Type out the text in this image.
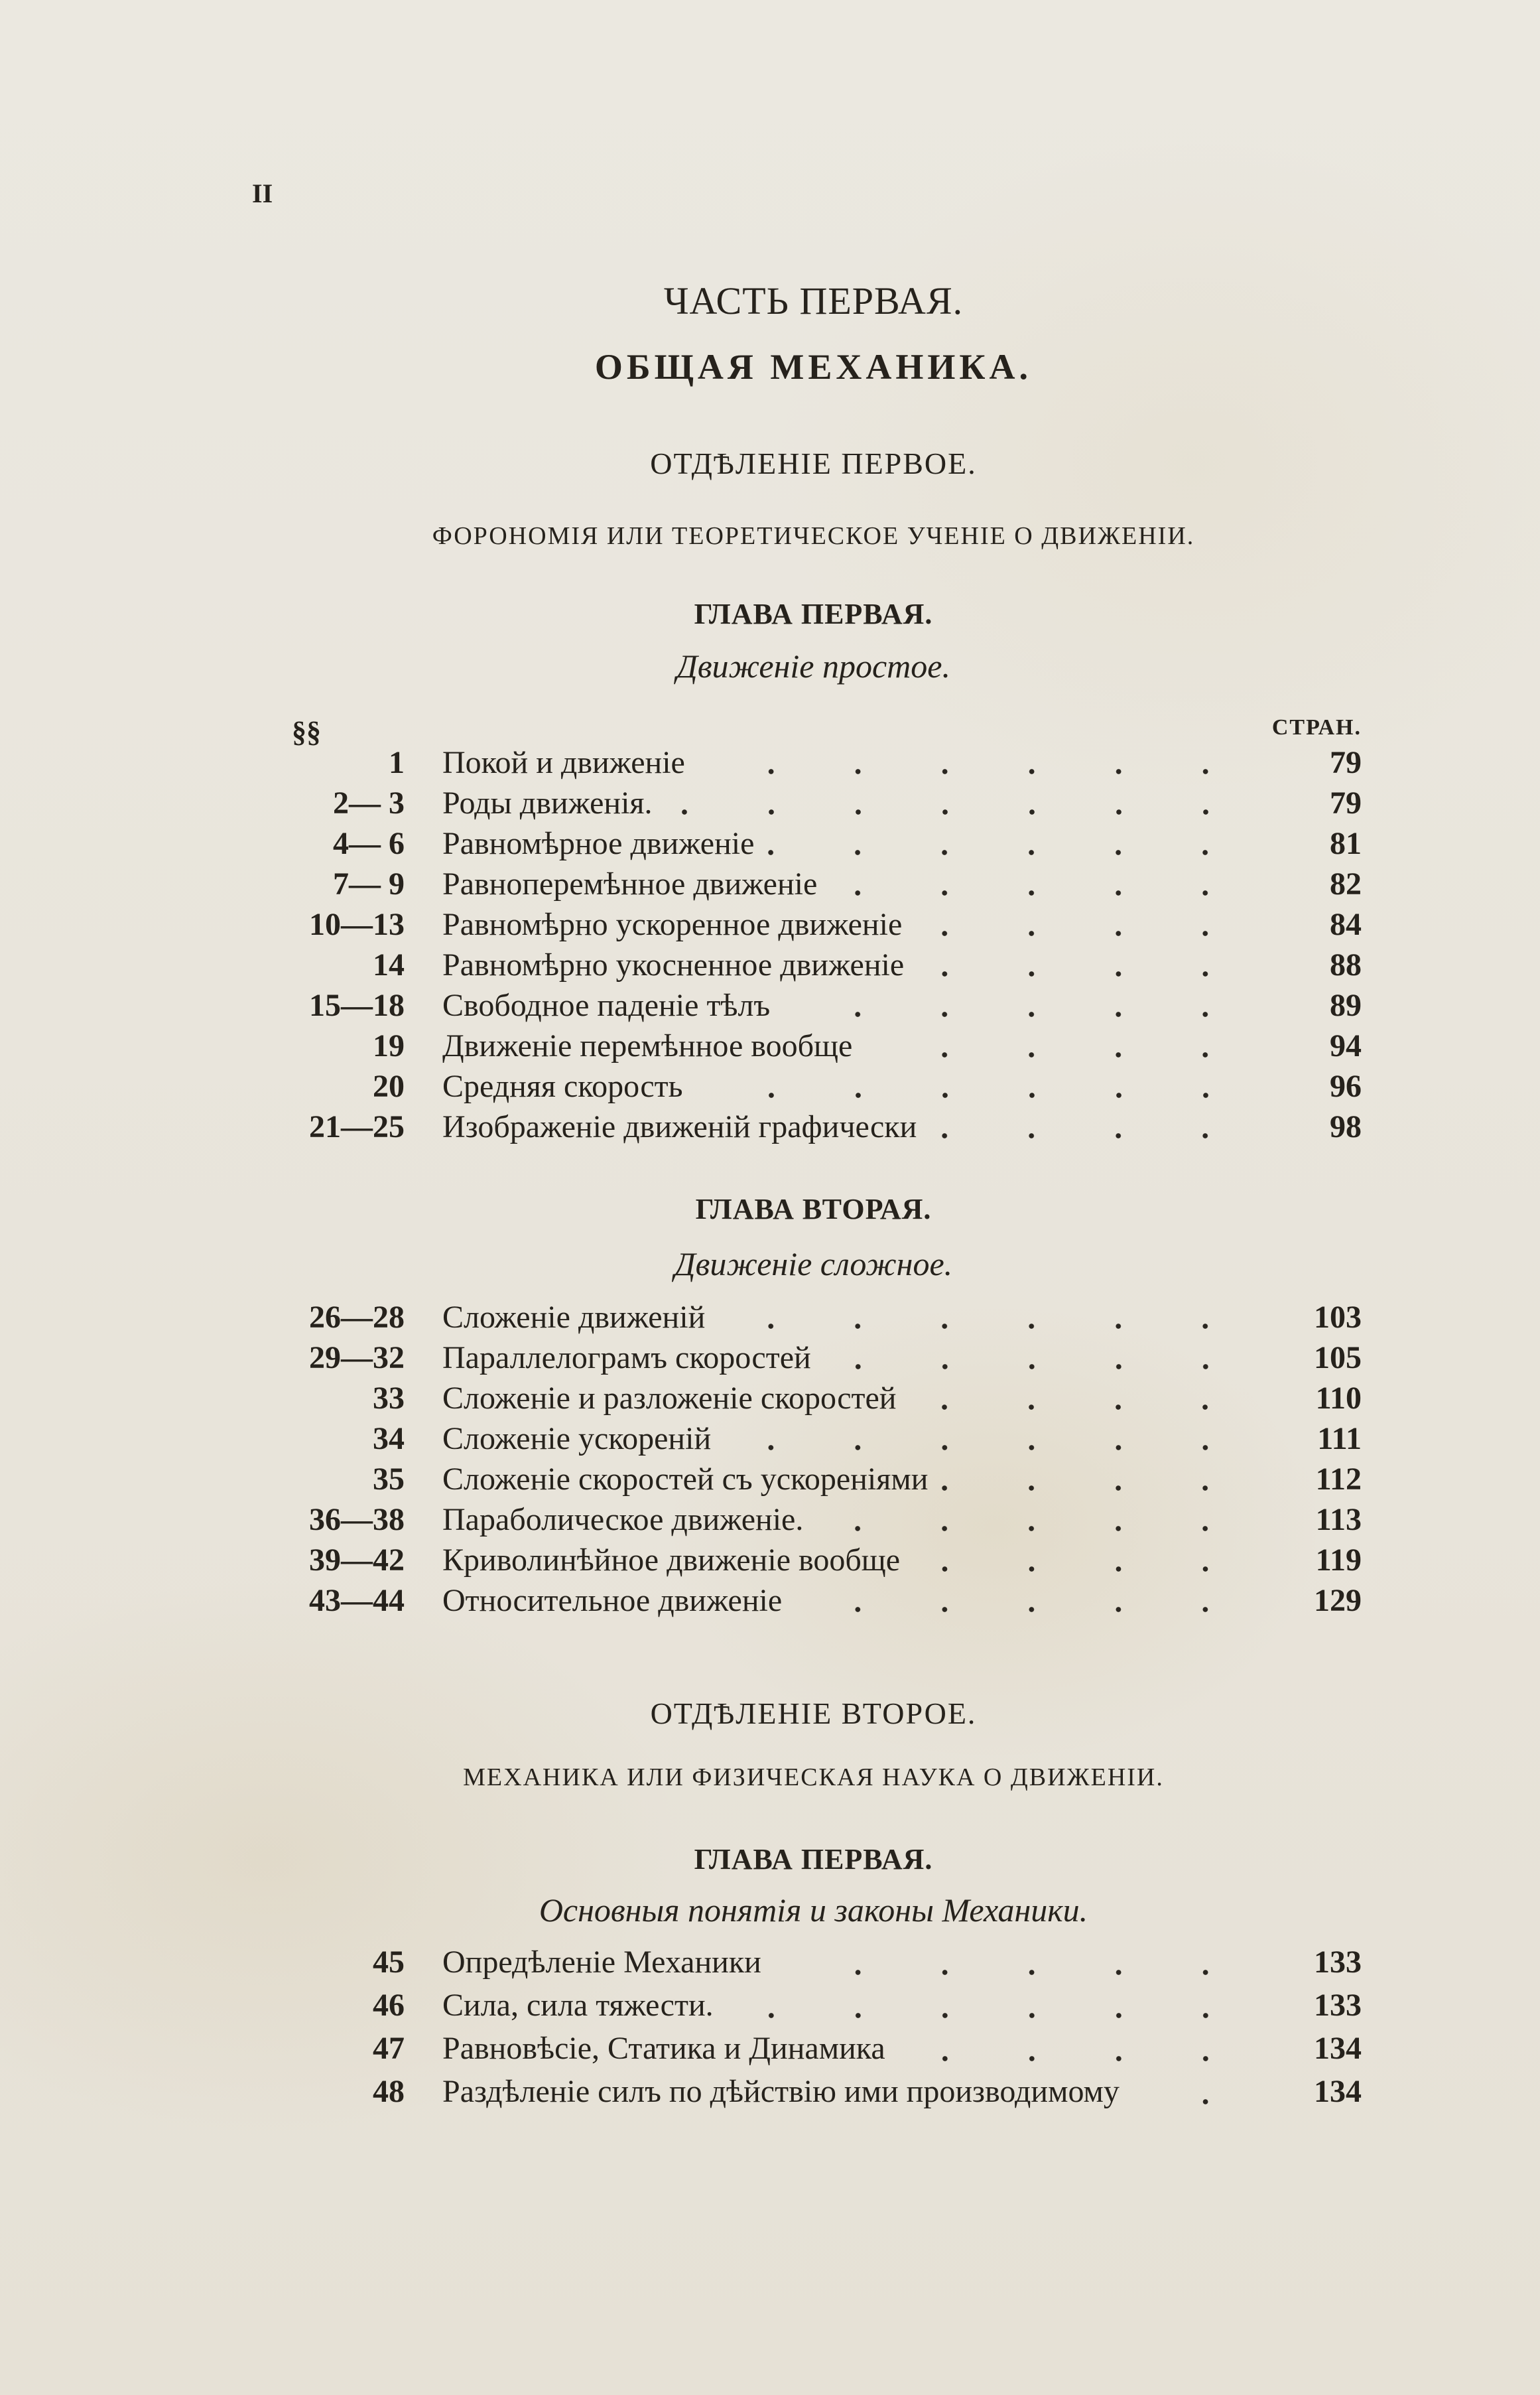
II
ЧАСТЬ ПЕРВАЯ.
ОБЩАЯ МЕХАНИКА.
ОТДѢЛЕНІЕ ПЕРВОЕ.
ФОРОНОМІЯ ИЛИ ТЕОРЕТИЧЕСКОЕ УЧЕНІЕ О ДВИЖЕНІИ.
ГЛАВА ПЕРВАЯ.
Движеніе простое.
§§	СТРАН.
1 Покой и движеніе	79
2— 3 Роды движенія.	79
4— 6 Равномѣрное движеніе	81
7— 9 Равноперемѣнное движеніе	82
10—13 Равномѣрно ускоренное движеніе	84
14 Равномѣрно укосненное движеніе	88
15—18 Свободное паденіе тѣлъ	89
19 Движеніе перемѣнное вообще	94
20 Средняя скорость	96
21—25 Изображеніе движеній графически	98
ГЛАВА ВТОРАЯ.
Движеніе сложное.
26—28 Сложеніе движеній	103
29—32 Параллелограмъ скоростей	105
33 Сложеніе и разложеніе скоростей	110
34 Сложеніе ускореній	111
35 Сложеніе скоростей съ ускореніями	112
36—38 Параболическое движеніе.	113
39—42 Криволинѣйное движеніе вообще	119
43—44 Относительное движеніе	129
ОТДѢЛЕНІЕ ВТОРОЕ.
МЕХАНИКА ИЛИ ФИЗИЧЕСКАЯ НАУКА О ДВИЖЕНІИ.
ГЛАВА ПЕРВАЯ.
Основныя понятія и законы Механики.
45 Опредѣленіе Механики	133
46 Сила, сила тяжести.	133
47 Равновѣсіе, Статика и Динамика	134
48 Раздѣленіе силъ по дѣйствію ими производимому	134
